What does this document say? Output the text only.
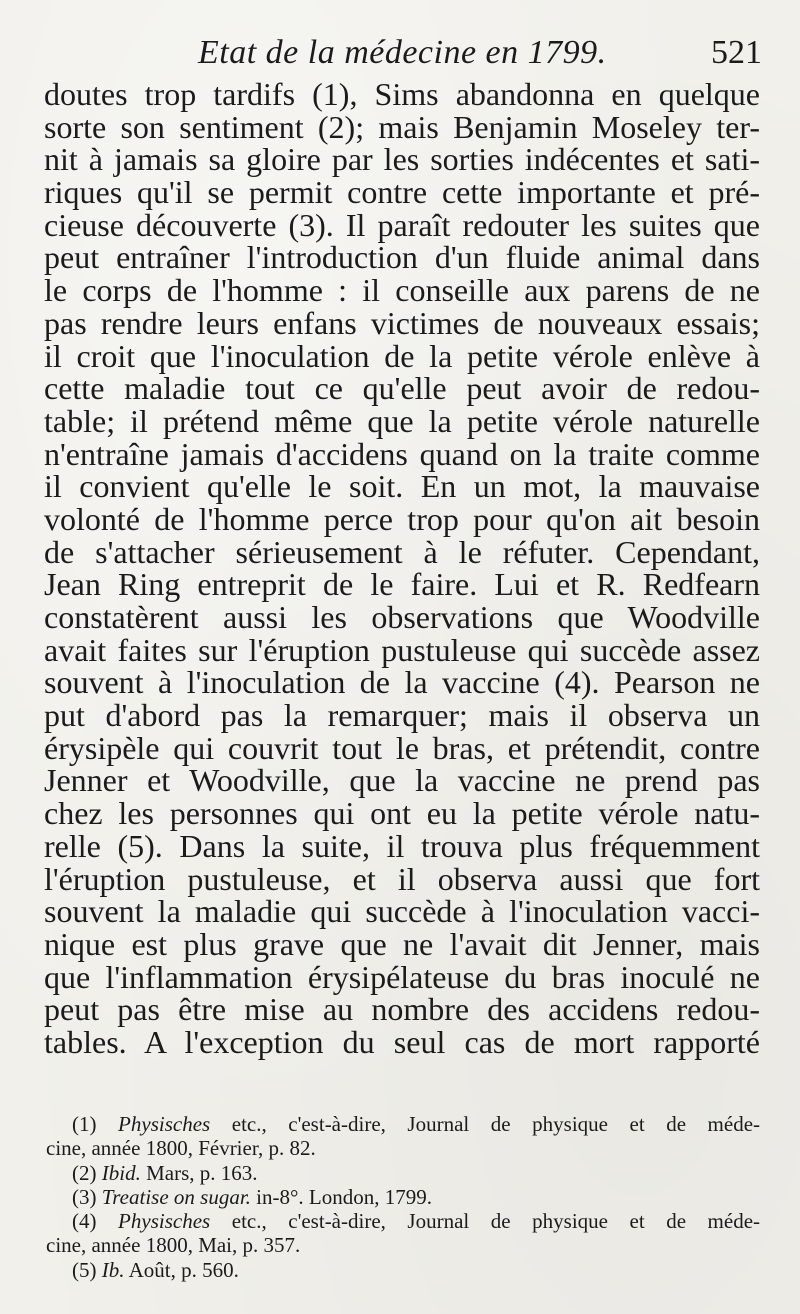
Etat de la médecine en 1799.	521
doutes trop tardifs (1), Sims abandonna en quelque
sorte son sentiment (2); mais Benjamin Moseley ter-
nit à jamais sa gloire par les sorties indécentes et sati-
riques qu'il se permit contre cette importante et pré-
cieuse découverte (3). Il paraît redouter les suites que
peut entraîner l'introduction d'un fluide animal dans
le corps de l'homme : il conseille aux parens de ne
pas rendre leurs enfans victimes de nouveaux essais;
il croit que l'inoculation de la petite vérole enlève à
cette maladie tout ce qu'elle peut avoir de redou-
table; il prétend même que la petite vérole naturelle
n'entraîne jamais d'accidens quand on la traite comme
il convient qu'elle le soit. En un mot, la mauvaise
volonté de l'homme perce trop pour qu'on ait besoin
de s'attacher sérieusement à le réfuter. Cependant,
Jean Ring entreprit de le faire. Lui et R. Redfearn
constatèrent aussi les observations que Woodville
avait faites sur l'éruption pustuleuse qui succède assez
souvent à l'inoculation de la vaccine (4). Pearson ne
put d'abord pas la remarquer; mais il observa un
érysipèle qui couvrit tout le bras, et prétendit, contre
Jenner et Woodville, que la vaccine ne prend pas
chez les personnes qui ont eu la petite vérole natu-
relle (5). Dans la suite, il trouva plus fréquemment
l'éruption pustuleuse, et il observa aussi que fort
souvent la maladie qui succède à l'inoculation vacci-
nique est plus grave que ne l'avait dit Jenner, mais
que l'inflammation érysipélateuse du bras inoculé ne
peut pas être mise au nombre des accidens redou-
tables. A l'exception du seul cas de mort rapporté
(1) Physisches etc., c'est-à-dire, Journal de physique et de méde-
cine, année 1800, Février, p. 82.
(2) Ibid. Mars, p. 163.
(3) Treatise on sugar. in-8°. London, 1799.
(4) Physisches etc., c'est-à-dire, Journal de physique et de méde-
cine, année 1800, Mai, p. 357.
(5) Ib. Août, p. 560.
